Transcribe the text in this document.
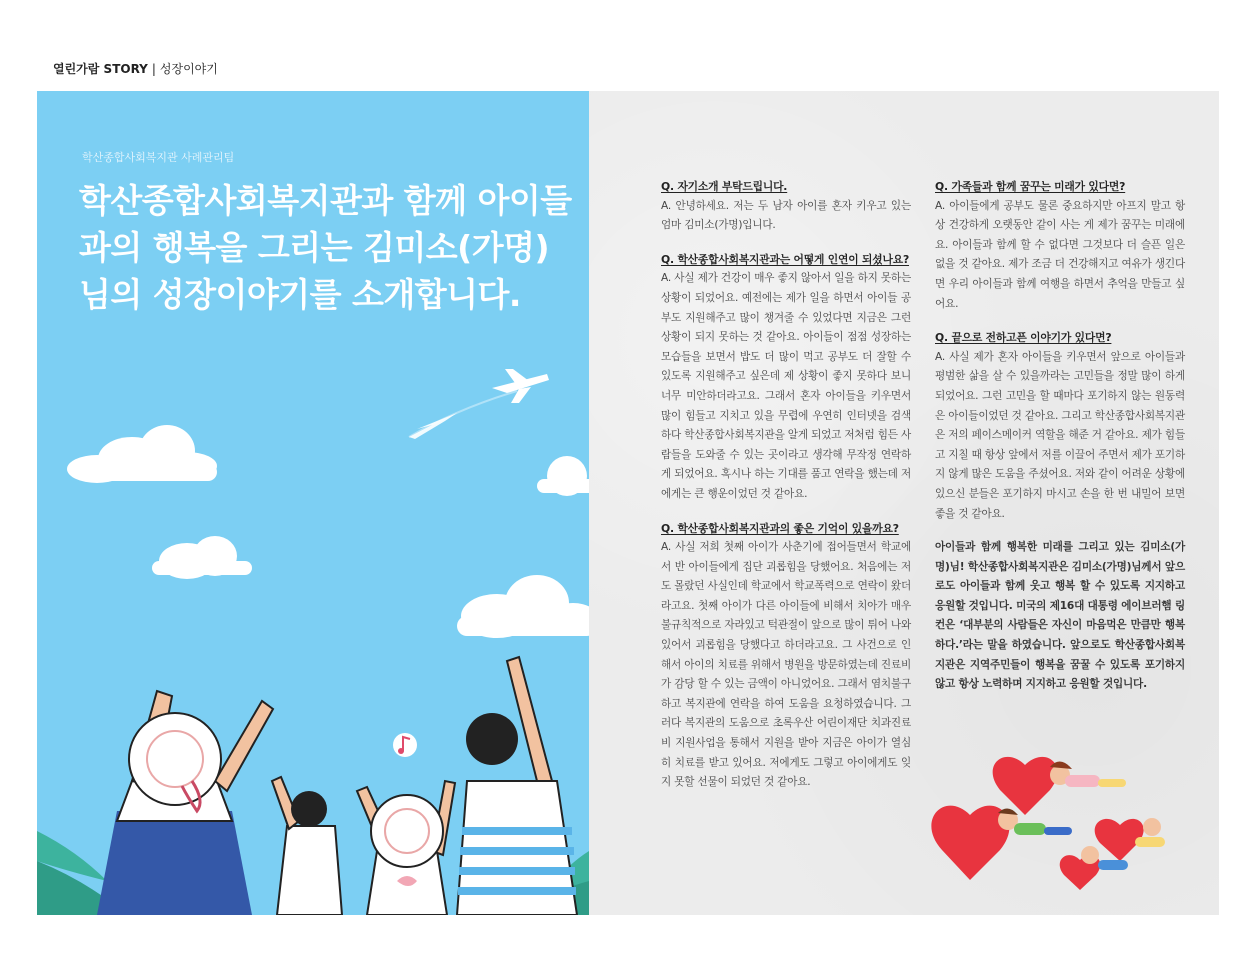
열린가람 STORY | 성장이야기
학산종합사회복지관 사례관리팀
학산종합사회복지관과 함께 아이들과의 행복을 그리는 김미소(가명)님의 성장이야기를 소개합니다.
Q. 자기소개 부탁드립니다.
A. 안녕하세요. 저는 두 남자 아이를 혼자 키우고 있는 엄마 김미소(가명)입니다.
Q. 학산종합사회복지관과는 어떻게 인연이 되셨나요?
A. 사실 제가 건강이 매우 좋지 않아서 일을 하지 못하는 상황이 되었어요. 예전에는 제가 일을 하면서 아이들 공부도 지원해주고 많이 챙겨줄 수 있었다면 지금은 그런 상황이 되지 못하는 것 같아요. 아이들이 점점 성장하는 모습들을 보면서 밥도 더 많이 먹고 공부도 더 잘할 수 있도록 지원해주고 싶은데 제 상황이 좋지 못하다 보니 너무 미안하더라고요. 그래서 혼자 아이들을 키우면서 많이 힘들고 지치고 있을 무렵에 우연히 인터넷을 검색하다 학산종합사회복지관을 알게 되었고 저처럼 힘든 사람들을 도와줄 수 있는 곳이라고 생각해 무작정 연락하게 되었어요. 혹시나 하는 기대를 품고 연락을 했는데 저에게는 큰 행운이었던 것 같아요.
Q. 학산종합사회복지관과의 좋은 기억이 있을까요?
A. 사실 저희 첫째 아이가 사춘기에 접어들면서 학교에서 반 아이들에게 집단 괴롭힘을 당했어요. 처음에는 저도 몰랐던 사실인데 학교에서 학교폭력으로 연락이 왔더라고요. 첫째 아이가 다른 아이들에 비해서 치아가 매우 불규칙적으로 자라있고 턱관절이 앞으로 많이 튀어 나와 있어서 괴롭힘을 당했다고 하더라고요. 그 사건으로 인해서 아이의 치료를 위해서 병원을 방문하였는데 진료비가 감당 할 수 있는 금액이 아니었어요. 그래서 염치불구하고 복지관에 연락을 하여 도움을 요청하였습니다. 그러다 복지관의 도움으로 초록우산 어린이재단 치과진료비 지원사업을 통해서 지원을 받아 지금은 아이가 열심히 치료를 받고 있어요. 저에게도 그렇고 아이에게도 잊지 못할 선물이 되었던 것 같아요.
Q. 가족들과 함께 꿈꾸는 미래가 있다면?
A. 아이들에게 공부도 물론 중요하지만 아프지 말고 항상 건강하게 오랫동안 같이 사는 게 제가 꿈꾸는 미래에요. 아이들과 함께 할 수 없다면 그것보다 더 슬픈 일은 없을 것 같아요. 제가 조금 더 건강해지고 여유가 생긴다면 우리 아이들과 함께 여행을 하면서 추억을 만들고 싶어요.
Q. 끝으로 전하고픈 이야기가 있다면?
A. 사실 제가 혼자 아이들을 키우면서 앞으로 아이들과 평범한 삶을 살 수 있을까라는 고민들을 정말 많이 하게 되었어요. 그런 고민을 할 때마다 포기하지 않는 원동력은 아이들이었던 것 같아요. 그리고 학산종합사회복지관은 저의 페이스메이커 역할을 해준 거 같아요. 제가 힘들고 지칠 때 항상 앞에서 저를 이끌어 주면서 제가 포기하지 않게 많은 도움을 주셨어요. 저와 같이 어려운 상황에 있으신 분들은 포기하지 마시고 손을 한 번 내밀어 보면 좋을 것 같아요.
아이들과 함께 행복한 미래를 그리고 있는 김미소(가명)님! 학산종합사회복지관은 김미소(가명)님께서 앞으로도 아이들과 함께 웃고 행복 할 수 있도록 지지하고 응원할 것입니다. 미국의 제16대 대통령 에이브러햄 링컨은 ‘대부분의 사람들은 자신이 마음먹은 만큼만 행복하다.’라는 말을 하였습니다. 앞으로도 학산종합사회복지관은 지역주민들이 행복을 꿈꿀 수 있도록 포기하지 않고 항상 노력하며 지지하고 응원할 것입니다.
